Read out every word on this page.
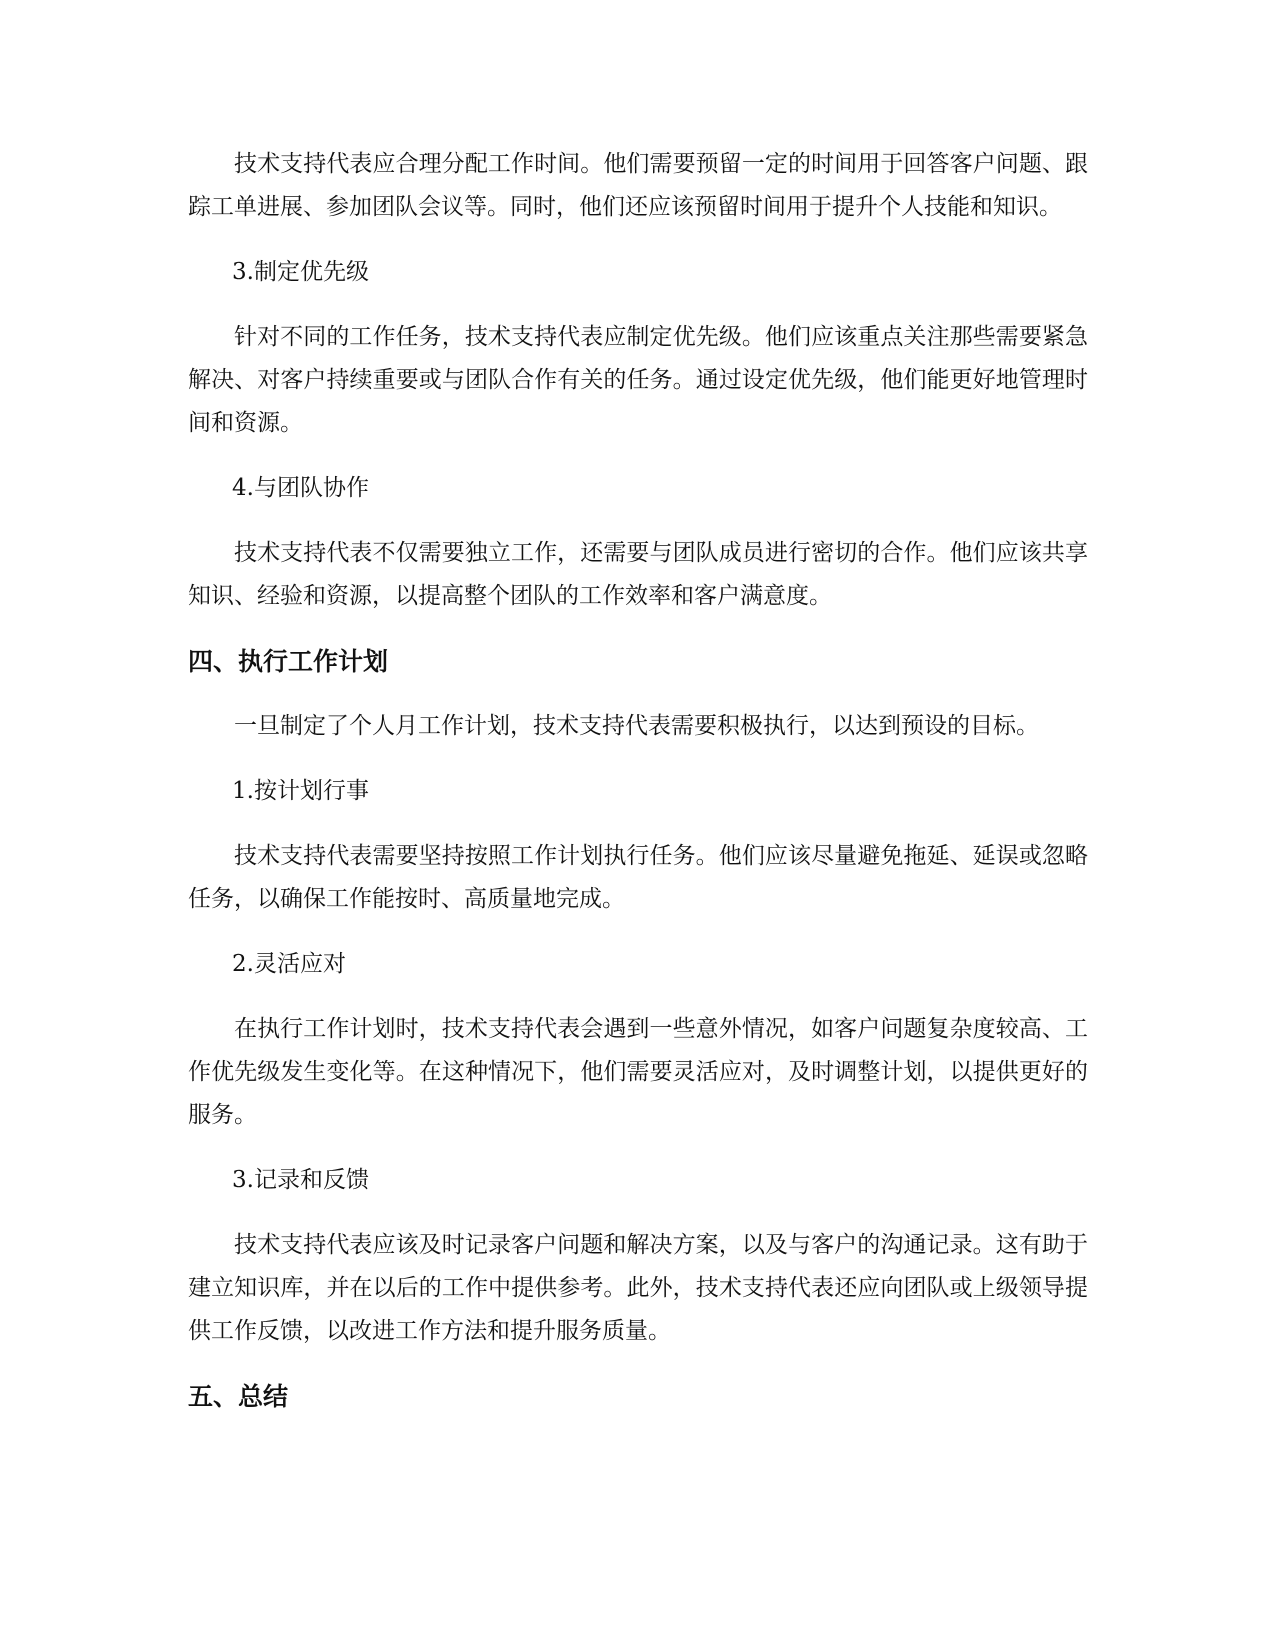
技术支持代表应合理分配工作时间。他们需要预留一定的时间用于回答客户问题、跟踪工单进展、参加团队会议等。同时，他们还应该预留时间用于提升个人技能和知识。

3.制定优先级

针对不同的工作任务，技术支持代表应制定优先级。他们应该重点关注那些需要紧急解决、对客户持续重要或与团队合作有关的任务。通过设定优先级，他们能更好地管理时间和资源。

4.与团队协作

技术支持代表不仅需要独立工作，还需要与团队成员进行密切的合作。他们应该共享知识、经验和资源，以提高整个团队的工作效率和客户满意度。

四、执行工作计划

一旦制定了个人月工作计划，技术支持代表需要积极执行，以达到预设的目标。

1.按计划行事

技术支持代表需要坚持按照工作计划执行任务。他们应该尽量避免拖延、延误或忽略任务，以确保工作能按时、高质量地完成。

2.灵活应对

在执行工作计划时，技术支持代表会遇到一些意外情况，如客户问题复杂度较高、工作优先级发生变化等。在这种情况下，他们需要灵活应对，及时调整计划，以提供更好的服务。

3.记录和反馈

技术支持代表应该及时记录客户问题和解决方案，以及与客户的沟通记录。这有助于建立知识库，并在以后的工作中提供参考。此外，技术支持代表还应向团队或上级领导提供工作反馈，以改进工作方法和提升服务质量。

五、总结
